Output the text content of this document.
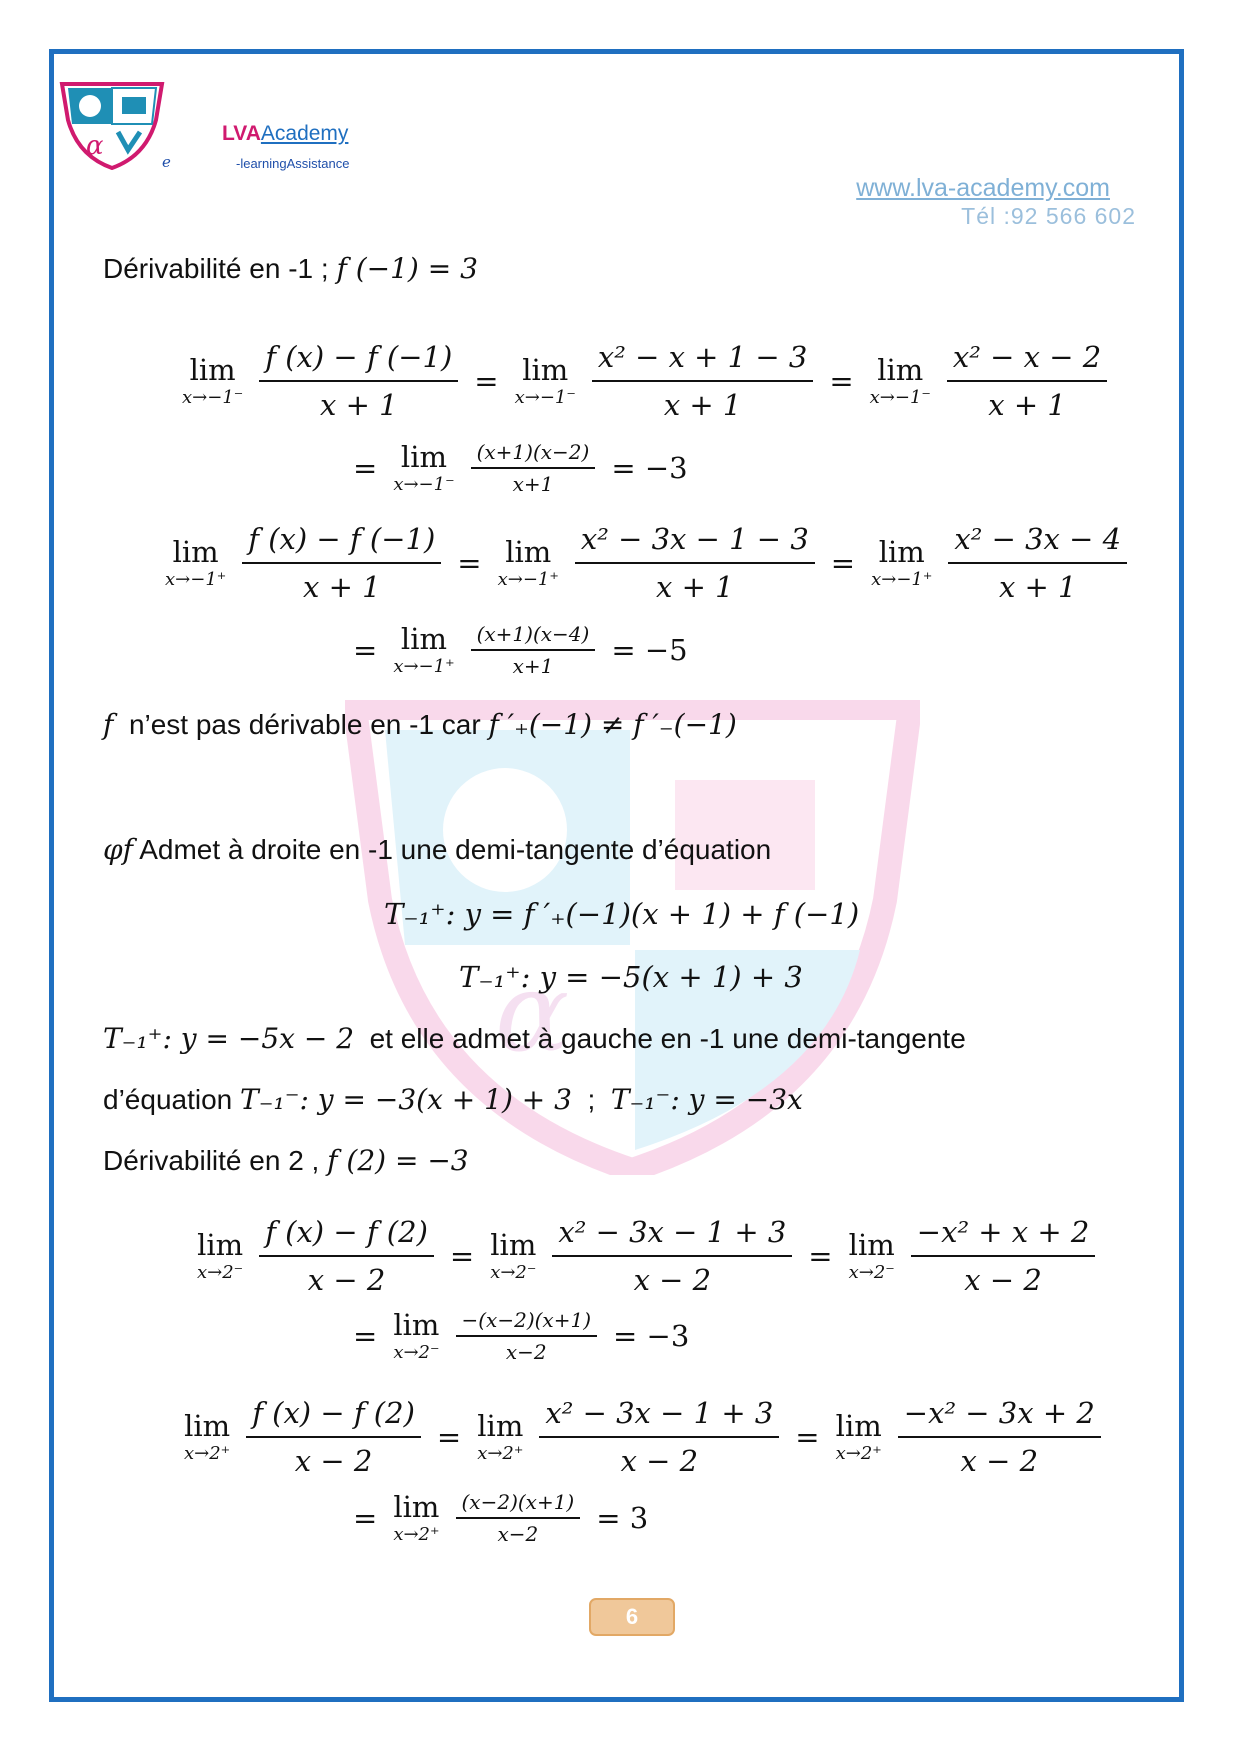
α	LVAAcademy
-learningAssistance
e
www.lva-academy.com
Tél :92 566 602
α
Dérivabilité en -1 ; f (−1) = 3
lim
$x\to-1^- \frac{f (x) - f (-1)}{x + 1} = \lim$
$x\to-1^- \frac{\text{x² − x + 1 − 3}}{x + 1} = \lim$
$x\to-1^- \frac{\text{x² − x − 2}}{x + 1}$
= lim
$x\to-1^- \frac{(x+1)(x-2)}{x+1} = -3$
lim
$x\to-1^+ \frac{f (x) - f (-1)}{x + 1} = \lim$
$x\to-1^+ \frac{\text{x² − 3x − 1 − 3}}{x + 1} = \lim$
$x\to-1^+ \frac{\text{x² − 3x − 4}}{x + 1}$
= lim
$x\to-1^+ \frac{(x+1)(x-4)}{x+1} = -5$
f n’est pas dérivable en -1 car f ′₊(−1) ≠ f ′₋(−1)
φf Admet à droite en -1 une demi-tangente d’équation
T₋₁⁺: y = f ′₊(−1)(x + 1) + f (−1)
T₋₁⁺: y = −5(x + 1) + 3
T₋₁⁺: y = −5x − 2 et elle admet à gauche en -1 une demi-tangente
d’équation T₋₁⁻: y = −3(x + 1) + 3 ; T₋₁⁻: y = −3x
Dérivabilité en 2 , f (2) = −3
lim
$x\to 2^- \frac{f (x) - f (2)}{x - 2} = \lim$
$x\to 2^- \frac{\text{x² − 3x − 1 + 3}}{x - 2} = \lim$
$x\to 2^- \frac{\text{−x² + x + 2}}{x - 2}$
= lim
$x\to 2^- \frac{-(x-2)(x+1)}{x-2} = -3$
lim
$x\to 2^+ \frac{f (x) - f (2)}{x - 2} = \lim$
$x\to 2^+ \frac{\text{x² − 3x − 1 + 3}}{x - 2} = \lim$
$x\to 2^+ \frac{\text{−x² − 3x + 2}}{x - 2}$
= lim
$x\to 2^+ \frac{(x-2)(x+1)}{x-2} = 3$
6
